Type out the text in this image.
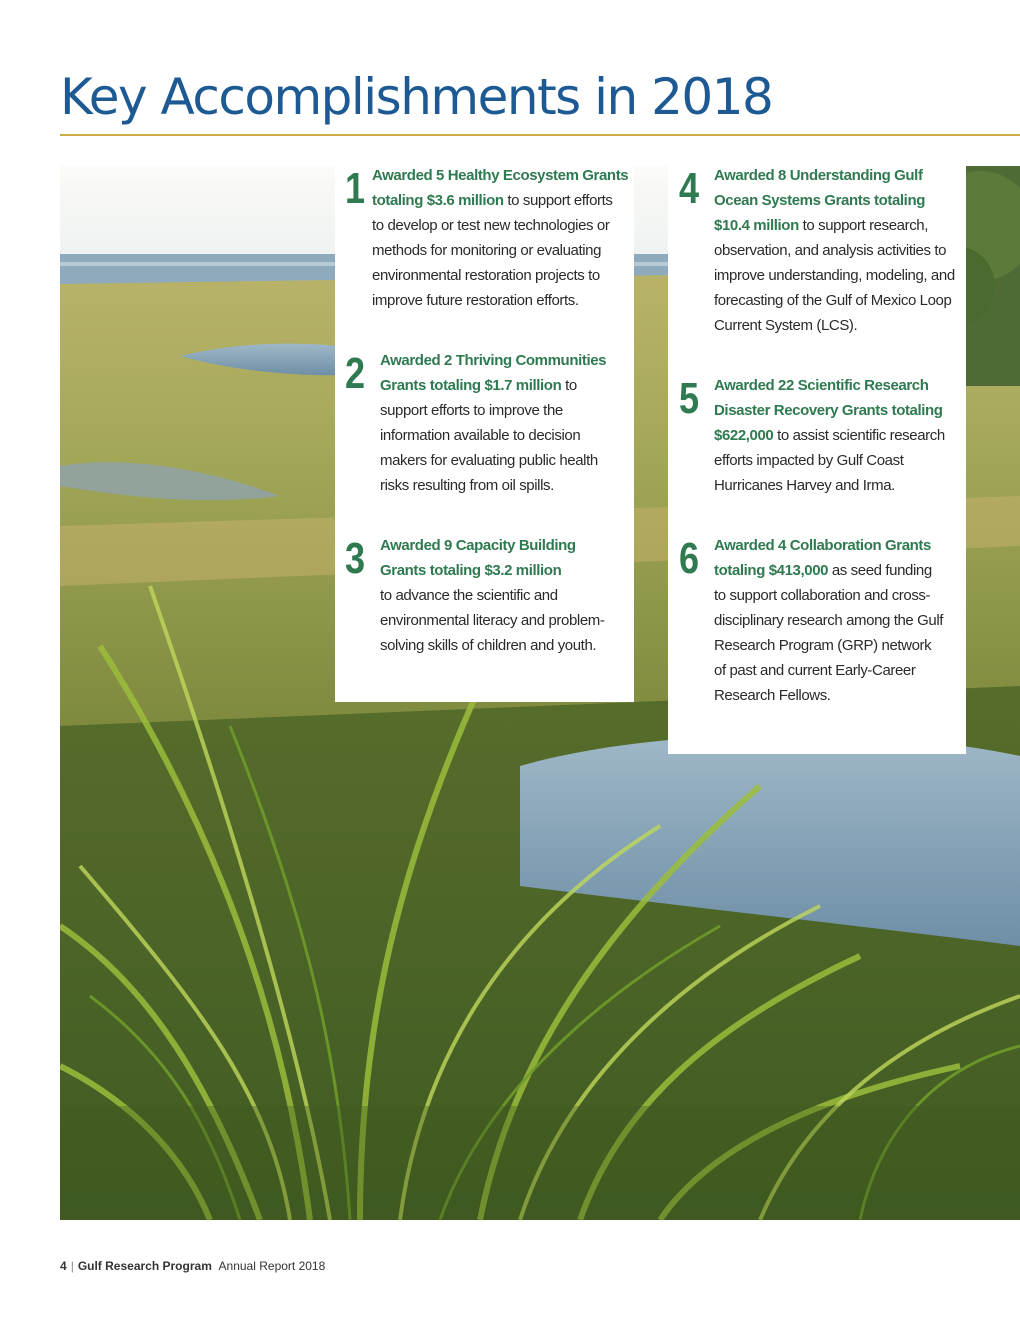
Key Accomplishments in 2018
1 Awarded 5 Healthy Ecosystem Grants
totaling $3.6 million to support efforts
to develop or test new technologies or
methods for monitoring or evaluating
environmental restoration projects to
improve future restoration efforts.
2 Awarded 2 Thriving Communities
Grants totaling $1.7 million to
support efforts to improve the
information available to decision
makers for evaluating public health
risks resulting from oil spills.
3 Awarded 9 Capacity Building
Grants totaling $3.2 million
to advance the scientific and
environmental literacy and problem-
solving skills of children and youth.
4 Awarded 8 Understanding Gulf
Ocean Systems Grants totaling
$10.4 million to support research,
observation, and analysis activities to
improve understanding, modeling, and
forecasting of the Gulf of Mexico Loop
Current System (LCS).
5 Awarded 22 Scientific Research
Disaster Recovery Grants totaling
$622,000 to assist scientific research
efforts impacted by Gulf Coast
Hurricanes Harvey and Irma.
6 Awarded 4 Collaboration Grants
totaling $413,000 as seed funding
to support collaboration and cross-
disciplinary research among the Gulf
Research Program (GRP) network
of past and current Early-Career
Research Fellows.
4 | Gulf Research Program Annual Report 2018
